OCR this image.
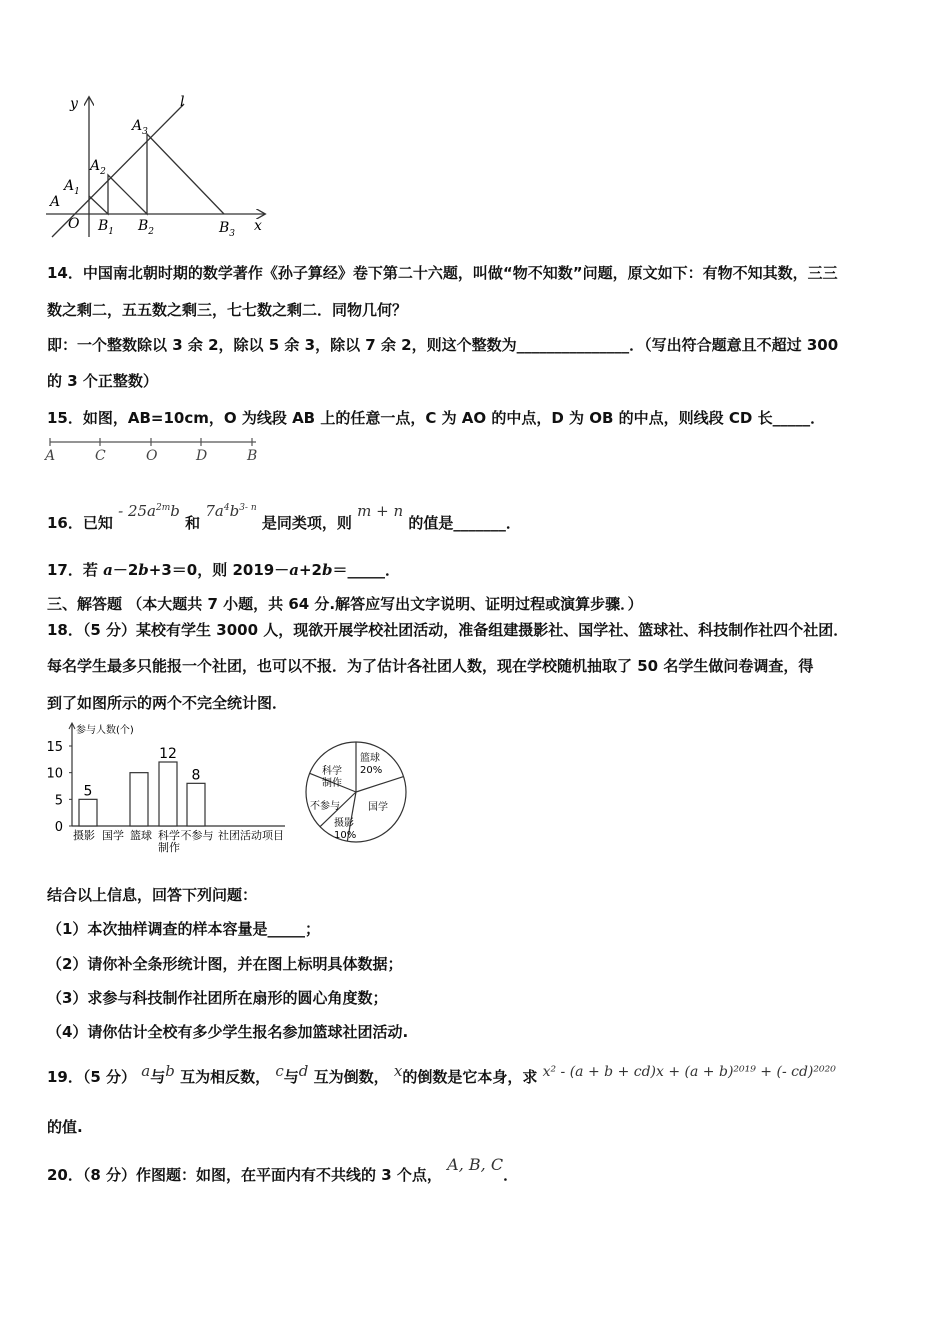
y
x
l
O
A
$A_1$
$A_2$
$A_3$
$B_1$ $B_2$	$B_3$
14．中国南北朝时期的数学著作《孙子算经》卷下第二十六题，叫做“物不知数”问题，原文如下：有物不知其数，三三
数之剩二，五五数之剩三，七七数之剩二．同物几何？
即：一个整数除以 3 余 2，除以 5 余 3，除以 7 余 2，则这个整数为_______________．（写出符合题意且不超过 300
的 3 个正整数）
15．如图，AB=10cm，O 为线段 AB 上的任意一点，C 为 AO 的中点，D 为 OB 的中点，则线段 CD 长_____．
A	C	O	D	B
16．已知 - $25a^{2m}b$ 和 $7a^4b^{3- n}$ 是同类项，则 m + n 的值是_______．
17．若 a－2b+3＝0，则 2019－a+2b＝_____．
三、解答题 （本大题共 7 小题，共 64 分.解答应写出文字说明、证明过程或演算步骤．）
18．（5 分）某校有学生 3000 人，现欲开展学校社团活动，准备组建摄影社、国学社、篮球社、科技制作社四个社团．
每名学生最多只能报一个社团，也可以不报．为了估计各社团人数，现在学校随机抽取了 50 名学生做问卷调查，得
到了如图所示的两个不完全统计图．
参与人数(个)
0
5
10
15
5
12
8
摄影 国学 篮球 科学 不参与
制作
社团活动项目
篮球
20%
国学
摄影
10%
不参与
科学
制作
结合以上信息，回答下列问题：
（1）本次抽样调查的样本容量是_____；
（2）请你补全条形统计图，并在图上标明具体数据；
（3）求参与科技制作社团所在扇形的圆心角度数；
（4）请你估计全校有多少学生报名参加篮球社团活动.
19．（5 分） a与b 互为相反数， c与d 互为倒数， x的倒数是它本身，求 x² - (a + b + cd)x + (a + b)²⁰¹⁹ + (- cd)²⁰²⁰
的值.
20．（8 分）作图题：如图，在平面内有不共线的 3 个点， A, B, C．
